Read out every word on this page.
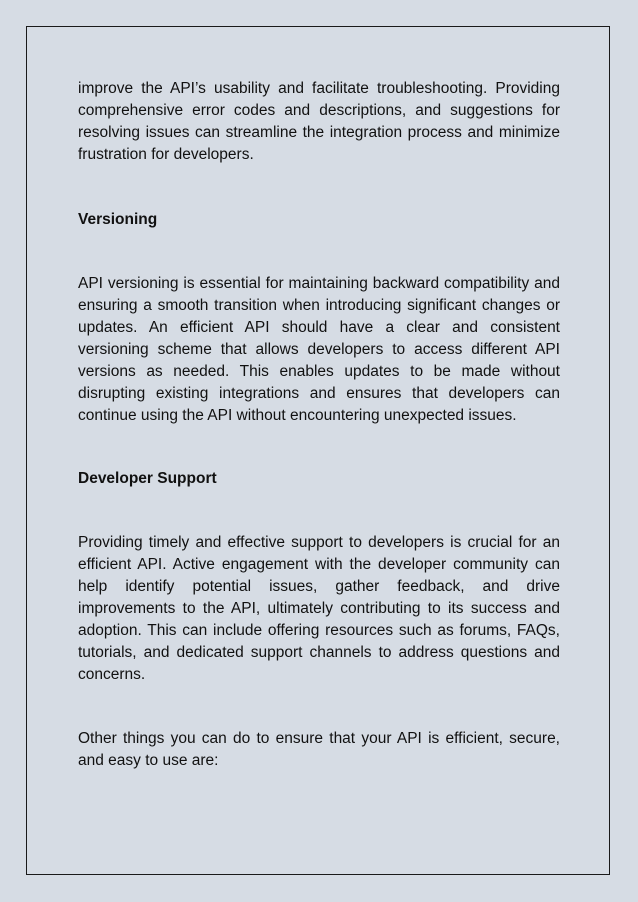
improve the API’s usability and facilitate troubleshooting. Providing comprehensive error codes and descriptions, and suggestions for resolving issues can streamline the integration process and minimize frustration for developers.

Versioning

API versioning is essential for maintaining backward compatibility and ensuring a smooth transition when introducing significant changes or updates. An efficient API should have a clear and consistent versioning scheme that allows developers to access different API versions as needed. This enables updates to be made without disrupting existing integrations and ensures that developers can continue using the API without encountering unexpected issues.

Developer Support

Providing timely and effective support to developers is crucial for an efficient API. Active engagement with the developer community can help identify potential issues, gather feedback, and drive improvements to the API, ultimately contributing to its success and adoption. This can include offering resources such as forums, FAQs, tutorials, and dedicated support channels to address questions and concerns.

Other things you can do to ensure that your API is efficient, secure, and easy to use are:
